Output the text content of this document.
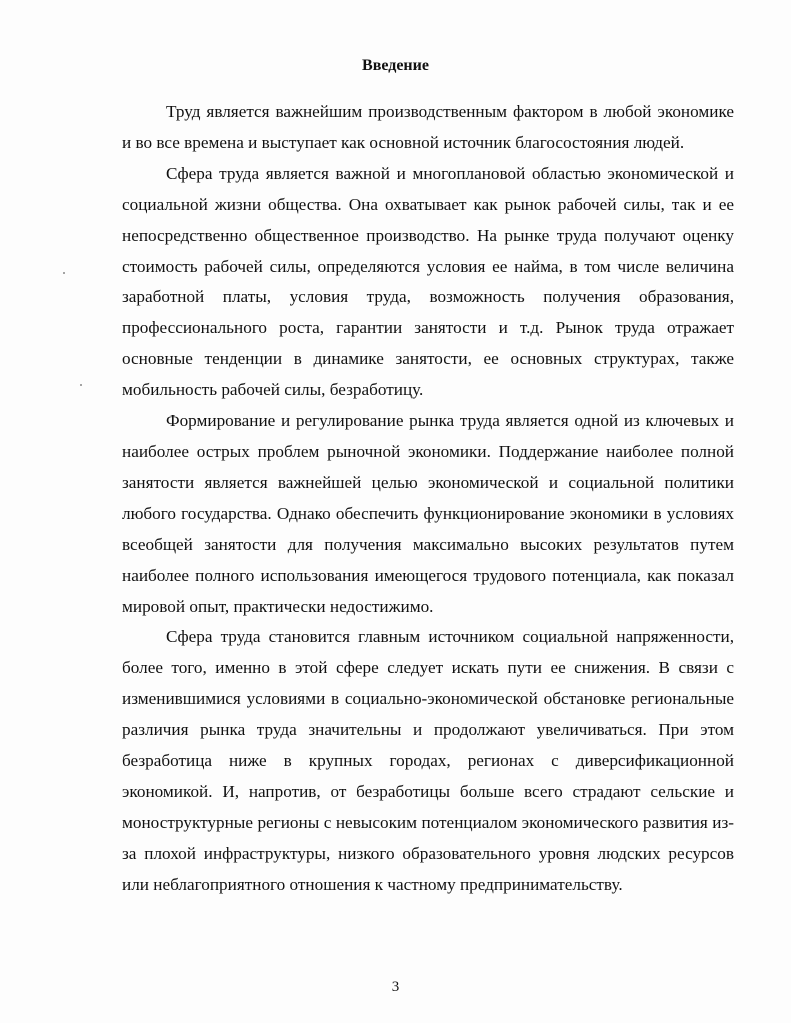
Введение

Труд является важнейшим производственным фактором в любой экономике и во все времена и выступает как основной источник благосостояния людей.

Сфера труда является важной и многоплановой областью экономической и социальной жизни общества. Она охватывает как рынок рабочей силы, так и ее непосредственно общественное производство. На рынке труда получают оценку стоимость рабочей силы, определяются условия ее найма, в том числе величина заработной платы, условия труда, возможность получения образования, профессионального роста, гарантии занятости и т.д. Рынок труда отражает основные тенденции в динамике занятости, ее основных структурах, также мобильность рабочей силы, безработицу.

Формирование и регулирование рынка труда является одной из ключевых и наиболее острых проблем рыночной экономики. Поддержание наиболее полной занятости является важнейшей целью экономической и социальной политики любого государства. Однако обеспечить функционирование экономики в условиях всеобщей занятости для получения максимально высоких результатов путем наиболее полного использования имеющегося трудового потенциала, как показал мировой опыт, практически недостижимо.

Сфера труда становится главным источником социальной напряженности, более того, именно в этой сфере следует искать пути ее снижения. В связи с изменившимися условиями в социально-экономической обстановке региональные различия рынка труда значительны и продолжают увеличиваться. При этом безработица ниже в крупных городах, регионах с диверсификационной экономикой. И, напротив, от безработицы больше всего страдают сельские и моноструктурные регионы с невысоким потенциалом экономического развития из-за плохой инфраструктуры, низкого образовательного уровня людских ресурсов или неблагоприятного отношения к частному предпринимательству.

3
